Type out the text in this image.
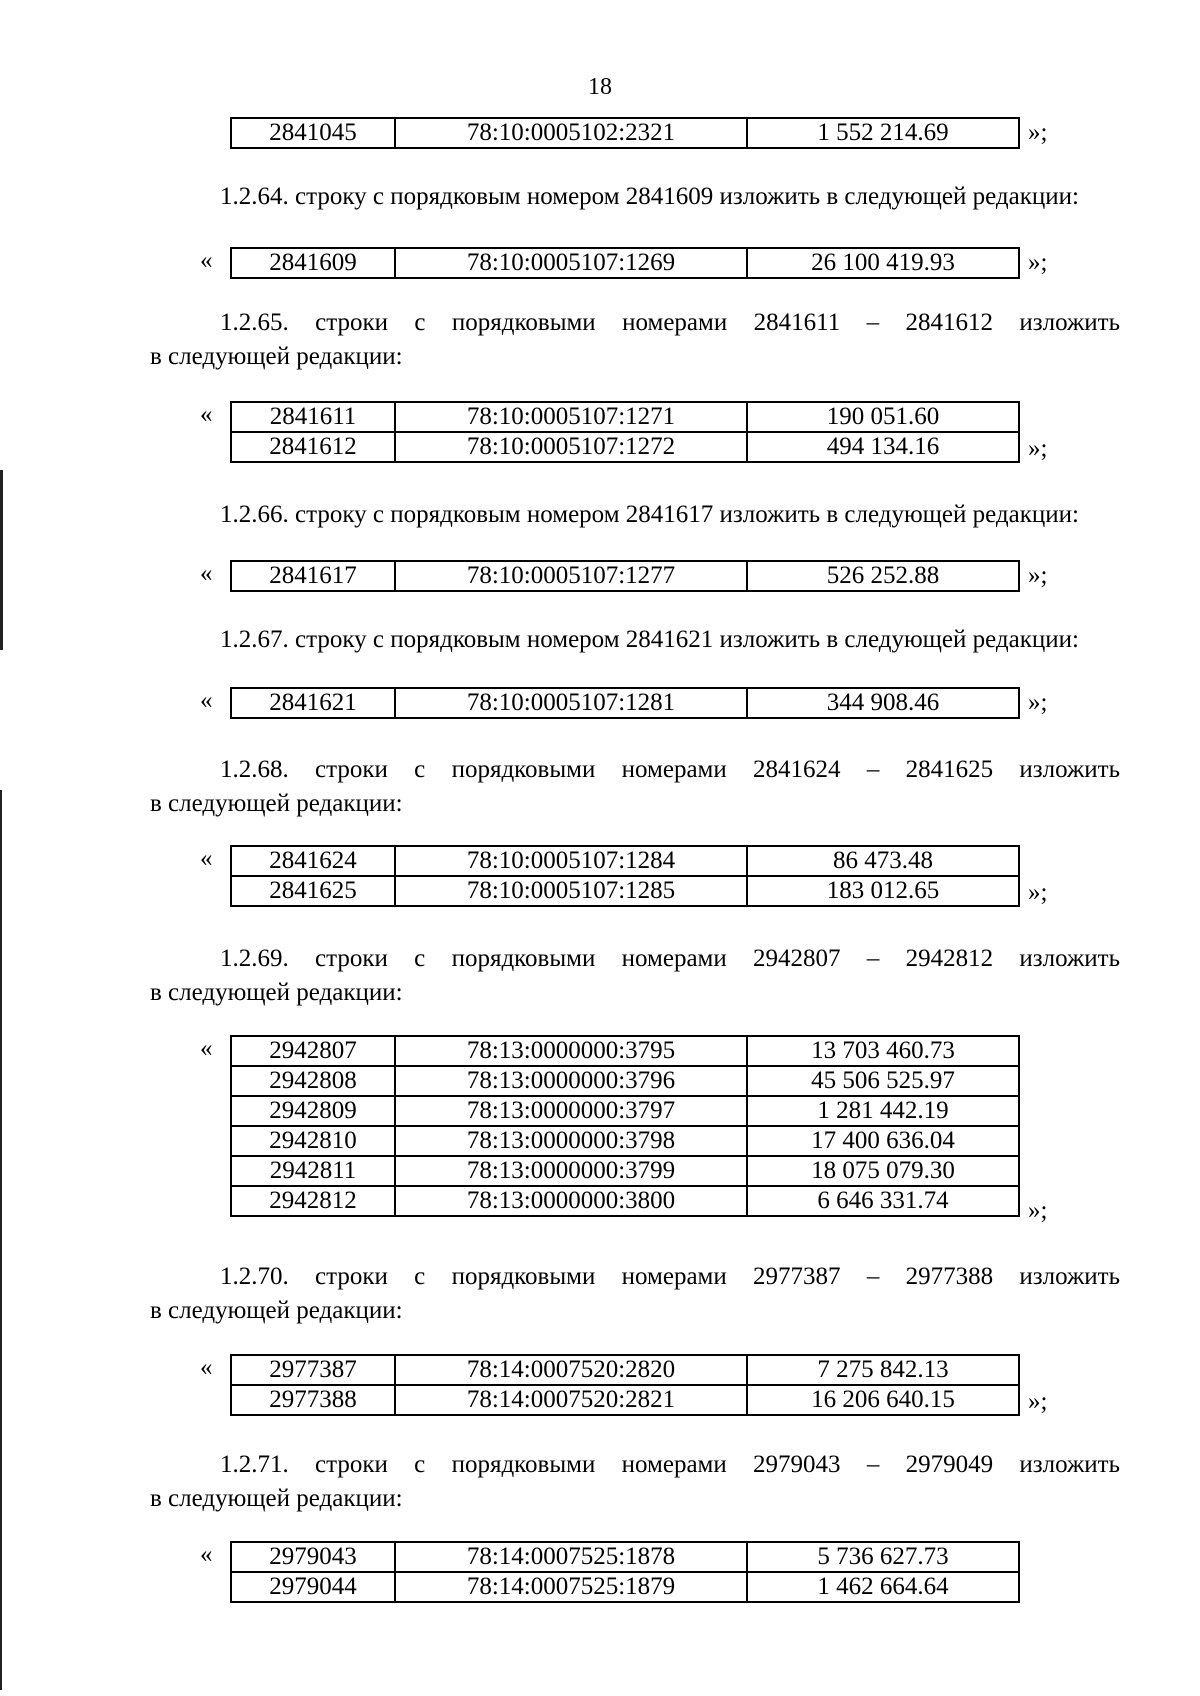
18
2841045	78:10:0005102:2321	1 552 214.69	»;
1.2.64. строку с порядковым номером 2841609 изложить в следующей редакции:
« 2841609	78:10:0005107:1269	26 100 419.93	»;
1.2.65. строки с порядковыми номерами 2841611 – 2841612 изложить
в следующей редакции:
« 2841611	78:10:0005107:1271	190 051.60
2841612	78:10:0005107:1272	494 134.16	»;
1.2.66. строку с порядковым номером 2841617 изложить в следующей редакции:
« 2841617	78:10:0005107:1277	526 252.88	»;
1.2.67. строку с порядковым номером 2841621 изложить в следующей редакции:
« 2841621	78:10:0005107:1281	344 908.46	»;
1.2.68. строки с порядковыми номерами 2841624 – 2841625 изложить
в следующей редакции:
« 2841624	78:10:0005107:1284	86 473.48
2841625	78:10:0005107:1285	183 012.65	»;
1.2.69. строки с порядковыми номерами 2942807 – 2942812 изложить
в следующей редакции:
« 2942807	78:13:0000000:3795	13 703 460.73
2942808	78:13:0000000:3796	45 506 525.97
2942809	78:13:0000000:3797	1 281 442.19
2942810	78:13:0000000:3798	17 400 636.04
2942811	78:13:0000000:3799	18 075 079.30
2942812	78:13:0000000:3800	6 646 331.74	»;
1.2.70. строки с порядковыми номерами 2977387 – 2977388 изложить
в следующей редакции:
« 2977387	78:14:0007520:2820	7 275 842.13
2977388	78:14:0007520:2821	16 206 640.15	»;
1.2.71. строки с порядковыми номерами 2979043 – 2979049 изложить
в следующей редакции:
« 2979043	78:14:0007525:1878	5 736 627.73
2979044	78:14:0007525:1879	1 462 664.64
